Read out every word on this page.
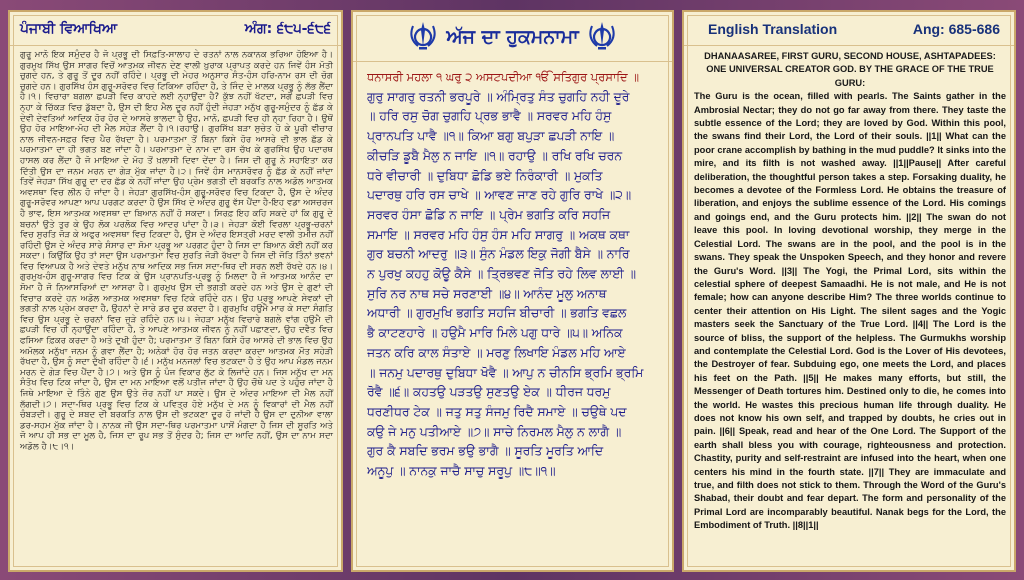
ਪੰਜਾਬੀ ਵਿਆਖਿਆ	ਅੰਗ: ੬੮੫-੬੮੬
ਗੁਰੂ ਮਾਨੋ ਇਕ ਸਮੁੰਦਰ ਹੈ ਜੋ ਪ੍ਰਭੂ ਦੀ ਸਿਫ਼ਤਿ-ਸਾਲਾਹ ਦੇ ਰਤਨਾਂ ਨਾਲ ਨਕਾਨਕ ਭਰਿਆ ਹੋਇਆ ਹੈ। ਗੁਰਮੁਖ ਸਿੱਖ ਉਸ ਸਾਗਰ ਵਿਚੋਂ ਆਤਮਕ ਜੀਵਨ ਦੇਣ ਵਾਲੀ ਖ਼ੁਰਾਕ ਪ੍ਰਾਪਤ ਕਰਦੇ ਹਨ ਜਿਵੇਂ ਹੰਸ ਮੋਤੀ ਚੁਗਦੇ ਹਨ, ਤੇ ਗੁਰੂ ਤੋਂ ਦੂਰ ਨਹੀਂ ਰਹਿੰਦੇ। ਪ੍ਰਭੂ ਦੀ ਮੇਹਰ ਅਨੁਸਾਰ ਸੰਤ-ਹੰਸ ਹਰਿ-ਨਾਮ ਰਸ ਦੀ ਚੋਗ ਚੁਗਦੇ ਹਨ। ਗੁਰਸਿੱਖ ਹੰਸ ਗੁਰੂ-ਸਰੋਵਰ ਵਿਚ ਟਿਕਿਆ ਰਹਿੰਦਾ ਹੈ, ਤੇ ਜਿੰਦ ਦੇ ਮਾਲਕ ਪ੍ਰਭੂ ਨੂੰ ਲੱਭ ਲੈਂਦਾ ਹੈ।੧। ਵਿਚਾਰਾ ਬਗਲਾ ਛਪੜੀ ਵਿਚ ਕਾਹਦੇ ਲਈ ਨ੍ਹਾਉਂਦਾ ਹੈ? ਕੁੱਝ ਨਹੀਂ ਖੱਟਦਾ, ਸਗੋਂ ਛਪੜੀ ਵਿਚ ਨ੍ਹਾ ਕੇ ਚਿੱਕੜ ਵਿਚ ਡੁੱਬਦਾ ਹੈ, ਉਸ ਦੀ ਇਹ ਮੈਲ ਦੂਰ ਨਹੀਂ ਹੁੰਦੀ ਜੇਹੜਾ ਮਨੁੱਖ ਗੁਰੂ-ਸਮੁੰਦਰ ਨੂੰ ਛੱਡ ਕੇ ਦੇਵੀ ਦੇਵਤਿਆਂ ਆਦਿਕ ਹੋਰ ਹੋਰ ਦੇ ਆਸਰੇ ਭਾਲਦਾ ਹੈ ਉਹ, ਮਾਨੋ, ਛਪੜੀ ਵਿਚ ਹੀ ਨ੍ਹਾ ਰਿਹਾ ਹੈ। ਉਥੋਂ ਉਹ ਹੋਰ ਮਾਇਆ-ਮੋਹ ਦੀ ਮੈਲ ਸਹੇੜ ਲੈਂਦਾ ਹੈ।੧।ਰਹਾਉ। ਗੁਰਸਿੱਖ ਬੜਾ ਸੁਚੇਤ ਹੋ ਕੇ ਪੂਰੀ ਵੀਚਾਰ ਨਾਲ ਜੀਵਨ-ਸਫ਼ਰ ਵਿਚ ਪੈਰ ਰੱਖਦਾ ਹੈ। ਪਰਮਾਤਮਾ ਤੋਂ ਬਿਨਾ ਕਿਸੇ ਹੋਰ ਆਸਰੇ ਦੀ ਭਾਲ ਛੱਡ ਕੇ ਪਰਮਾਤਮਾ ਦਾ ਹੀ ਭਗਤ ਬਣ ਜਾਂਦਾ ਹੈ। ਪਰਮਾਤਮਾ ਦੇ ਨਾਮ ਦਾ ਰਸ ਚੱਖ ਕੇ ਗੁਰਸਿੱਖ ਉਹ ਪਦਾਰਥ ਹਾਸਲ ਕਰ ਲੈਂਦਾ ਹੈ ਜੋ ਮਾਇਆ ਦੇ ਮੋਹ ਤੋਂ ਖ਼ਲਾਸੀ ਦਿਵਾ ਦੇਂਦਾ ਹੈ। ਜਿਸ ਦੀ ਗੁਰੂ ਨੇ ਸਹਾਇਤਾ ਕਰ ਦਿੱਤੀ ਉਸ ਦਾ ਜਨਮ ਮਰਨ ਦਾ ਗੇੜ ਮੁੱਕ ਜਾਂਦਾ ਹੈ।੨। ਜਿਵੇਂ ਹੰਸ ਮਾਨਸਰੋਵਰ ਨੂੰ ਛੱਡ ਕੇ ਨਹੀਂ ਜਾਂਦਾ ਤਿਵੇਂ ਜੇਹੜਾ ਸਿੱਖ ਗੁਰੂ ਦਾ ਦਰ ਛੱਡ ਕੇ ਨਹੀਂ ਜਾਂਦਾ ਉਹ ਪ੍ਰੇਮ ਭਗਤੀ ਦੀ ਬਰਕਤਿ ਨਾਲ ਅਡੋਲ ਆਤਮਕ ਅਵਸਥਾ ਵਿਚ ਲੀਨ ਹੋ ਜਾਂਦਾ ਹੈ। ਜੇਹੜਾ ਗੁਰਸਿੱਖ-ਹੰਸ ਗੁਰੂ-ਸਰੋਵਰ ਵਿਚ ਟਿਕਦਾ ਹੈ, ਉਸ ਦੇ ਅੰਦਰ ਗੁਰੂ-ਸਰੋਵਰ ਆਪਣਾ ਆਪ ਪਰਗਟ ਕਰਦਾ ਹੈ ਉਸ ਸਿੱਖ ਦੇ ਅੰਦਰ ਗੁਰੂ ਵੱਸ ਪੈਂਦਾ ਹੈ-ਇਹ ਵਡਾ ਅਸਚਰਜ ਹੈ ਭਾਵ, ਇਸ ਆਤਮਕ ਅਵਸਥਾ ਦਾ ਬਿਆਨ ਨਹੀਂ ਹੋ ਸਕਦਾ। ਸਿਰਫ਼ ਇਹ ਕਹਿ ਸਕਦੇ ਹਾਂ ਕਿ ਗੁਰੂ ਦੇ ਬਚਨਾਂ ਉਤੇ ਤੁਰ ਕੇ ਉਹ ਲੋਕ ਪਰਲੋਕ ਵਿਚ ਆਦਰ ਪਾਂਦਾ ਹੈ।੩। ਜੇਹੜਾ ਕੋਈ ਵਿਰਲਾ ਪ੍ਰਭੂ-ਚਰਨਾਂ ਵਿਚ ਸੁਰਤਿ ਜੋੜ ਕੇ ਅਫੁਰ ਅਵਸਥਾ ਵਿਚ ਟਿਕਦਾ ਹੈ, ਉਸ ਦੇ ਅੰਦਰ ਇਸਤ੍ਰੀ ਮਰਦ ਵਾਲੀ ਤਮੀਜ਼ ਨਹੀਂ ਰਹਿੰਦੀ ਉਸ ਦੇ ਅੰਦਰ ਸਾਰੇ ਸੰਸਾਰ ਦਾ ਸੋਮਾ ਪ੍ਰਭੂ ਆ ਪਰਗਟ ਹੁੰਦਾ ਹੈ ਜਿਸ ਦਾ ਬਿਆਨ ਕੋਈ ਨਹੀਂ ਕਰ ਸਕਦਾ। ਕਿਉਂਕਿ ਉਹ ਤਾਂ ਸਦਾ ਉਸ ਪਰਮਾਤਮਾ ਵਿਚ ਸੁਰਤਿ ਜੋੜੀ ਰੱਖਦਾ ਹੈ ਜਿਸ ਦੀ ਜੋਤਿ ਤਿੰਨਾਂ ਭਵਨਾਂ ਵਿਚ ਵਿਆਪਕ ਹੈ ਅਤੇ ਦੇਵਤੇ ਮਨੁੱਖ ਨਾਥ ਆਦਿਕ ਸਭ ਜਿਸ ਸਦਾ-ਥਿਰ ਦੀ ਸਰਨ ਲਈ ਰੱਖਦੇ ਹਨ।੪। ਗੁਰਮੁਖ-ਹੰਸ ਗੁਰੂ-ਸਾਗਰ ਵਿਚ ਟਿਕ ਕੇ ਉਸ ਪ੍ਰਾਨਪਤਿ-ਪ੍ਰਭੂ ਨੂੰ ਮਿਲਦਾ ਹੈ ਜੋ ਆਤਮਕ ਆਨੰਦ ਦਾ ਸੋਮਾ ਹੈ ਜੋ ਨਿਆਸਰਿਆਂ ਦਾ ਆਸਰਾ ਹੈ। ਗੁਰਮੁਖ ਉਸ ਦੀ ਭਗਤੀ ਕਰਦੇ ਹਨ ਅਤੇ ਉਸ ਦੇ ਗੁਣਾਂ ਦੀ ਵਿਚਾਰ ਕਰਦੇ ਹਨ ਅਡੋਲ ਆਤਮਕ ਅਵਸਥਾ ਵਿਚ ਟਿਕੇ ਰਹਿੰਦੇ ਹਨ। ਉਹ ਪ੍ਰਭੂ ਆਪਣੇ ਸੇਵਕਾਂ ਦੀ ਭਗਤੀ ਨਾਲ ਪ੍ਰੇਮ ਕਰਦਾ ਹੈ, ਉਹਨਾਂ ਦੇ ਸਾਰੇ ਡਰ ਦੂਰ ਕਰਦਾ ਹੈ। ਗੁਰਮੁਖਿ ਹਉਮੈ ਮਾਰ ਕੇ ਸਦਾ ਸੰਗਤਿ ਵਿਚ ਉਸ ਪ੍ਰਭੂ ਦੇ ਚਰਨਾਂ ਵਿਚ ਜੁੜੇ ਰਹਿੰਦੇ ਹਨ।੫। ਜੇਹੜਾ ਮਨੁੱਖ ਵਿਚਾਰੇ ਬਗਲੇ ਵਾਂਗ ਹਉਮੈ ਦੀ ਛਪੜੀ ਵਿਚ ਹੀ ਨ੍ਹਾਉਂਦਾ ਰਹਿੰਦਾ ਹੈ, ਤੇ ਆਪਣੇ ਆਤਮਕ ਜੀਵਨ ਨੂੰ ਨਹੀਂ ਪਛਾਣਦਾ, ਉਹ ਦਵੈਤ ਵਿਚ ਫਸਿਆ ਫ਼ਿਕਰ ਕਰਦਾ ਹੈ ਅਤੇ ਦੁਖੀ ਹੁੰਦਾ ਹੈ; ਪਰਮਾਤਮਾ ਤੋਂ ਬਿਨਾ ਕਿਸੇ ਹੋਰ ਆਸਰੇ ਦੀ ਭਾਲ ਵਿਚ ਉਹ ਅਮੋਲਕ ਮਨੁੱਖਾ ਜਨਮ ਨੂੰ ਗਵਾ ਲੈਂਦਾ ਹੈ; ਅਨੇਕਾਂ ਹੋਰ ਹੋਰ ਜਤਨ ਕਰਦਾ ਕਰਦਾ ਆਤਮਕ ਮੌਤ ਸਹੇੜੀ ਰੱਖਦਾ ਹੈ, ਉਸ ਨੂੰ ਸਦਾ ਦੁੱਖੀ ਰਹਿੰਦਾ ਹੈ।੬। ਮਨੁੱਖ ਮਨਜਲਾਂ ਵਿਚ ਭਟਕਦਾ ਹੈ ਤੇ ਉਹ ਆਪ ਮੰਡਲ ਜਨਮ ਮਰਨ ਦੇ ਗੇੜ ਵਿਚ ਪੈਂਦਾ ਹੈ।੭। ਅਤੇ ਉਸ ਨੂੰ ਪੰਜ ਵਿਕਾਰ ਲੁੱਟ ਕੇ ਲਿਜਾਂਦੇ ਹਨ। ਜਿਸ ਮਨੁੱਖ ਦਾ ਮਨ ਸੰਤੋਖ ਵਿਚ ਟਿਕ ਜਾਂਦਾ ਹੈ, ਉਸ ਦਾ ਮਨ ਮਾਇਆ ਵਲੋਂ ਪਤੀਜ ਜਾਂਦਾ ਹੈ ਉਹ ਚੌਥੇ ਪਦ ਤੇ ਪਹੁੰਚ ਜਾਂਦਾ ਹੈ ਜਿਥੇ ਮਾਇਆ ਦੇ ਤਿੰਨੇ ਗੁਣ ਉਸ ਉਤੇ ਜ਼ੋਰ ਨਹੀਂ ਪਾ ਸਕਦੇ। ਉਸ ਦੇ ਅੰਦਰ ਮਾਇਆ ਦੀ ਮੈਲ ਨਹੀਂ ਲੱਗਦੀ।੭। ਸਦਾ-ਥਿਰ ਪ੍ਰਭੂ ਵਿਚ ਟਿਕ ਕੇ ਪਵਿਤ੍ਰ ਹੋਏ ਮਨੁੱਖ ਦੇ ਮਨ ਨੂੰ ਵਿਕਾਰਾਂ ਦੀ ਮੈਲ ਨਹੀਂ ਚੰਬੜਦੀ। ਗੁਰੂ ਦੇ ਸ਼ਬਦ ਦੀ ਬਰਕਤਿ ਨਾਲ ਉਸ ਦੀ ਭਟਕਣਾ ਦੂਰ ਹੋ ਜਾਂਦੀ ਹੈ ਉਸ ਦਾ ਦੁਨੀਆ ਵਾਲਾ ਡਰ-ਸਹਮ ਮੁੱਕ ਜਾਂਦਾ ਹੈ। ਨਾਨਕ ਜੀ ਉਸ ਸਦਾ-ਥਿਰ ਪਰਮਾਤਮਾ ਪਾਸੋਂ ਮੰਗਦਾ ਹੈ ਜਿਸ ਦੀ ਸੂਰਤਿ ਅਤੇ ਜੋ ਆਪ ਹੀ ਸਭ ਦਾ ਮੂਲ ਹੈ, ਜਿਸ ਦਾ ਰੂਪ ਸਭ ਤੋਂ ਸੁੰਦਰ ਹੈ; ਜਿਸ ਦਾ ਆਦਿ ਨਹੀਂ, ਉਸ ਦਾ ਨਾਮ ਸਦਾ ਅਡੋਲ ਹੈ।੮।੧।
ਅੱਜ ਦਾ ਹੁਕਮਨਾਮਾ
ਧਨਾਸਰੀ ਮਹਲਾ ੧ ਘਰੁ ੨ ਅਸਟਪਦੀਆ ੴ ਸਤਿਗੁਰ ਪ੍ਰਸਾਦਿ ॥
ਗੁਰੁ ਸਾਗਰੁ ਰਤਨੀ ਭਰਪੂਰੇ ॥ ਅੰਮ੍ਰਿਤੁ ਸੰਤ ਚੁਗਹਿ ਨਹੀ ਦੂਰੇ
॥ ਹਰਿ ਰਸੁ ਚੋਗ ਚੁਗਹਿ ਪ੍ਰਭ ਭਾਵੈ ॥ ਸਰਵਰ ਮਹਿ ਹੰਸੁ
ਪ੍ਰਾਨਪਤਿ ਪਾਵੈ ॥੧॥ ਕਿਆ ਬਗੁ ਬਪੁੜਾ ਛਪੜੀ ਨਾਇ ॥
ਕੀਚੜਿ ਡੂਬੈ ਮੈਲੁ ਨ ਜਾਇ ॥੧॥ ਰਹਾਉ ॥ ਰਖਿ ਰਖਿ ਚਰਨ
ਧਰੇ ਵੀਚਾਰੀ ॥ ਦੁਬਿਧਾ ਛੋਡਿ ਭਏ ਨਿਰੰਕਾਰੀ ॥ ਮੁਕਤਿ
ਪਦਾਰਥੁ ਹਰਿ ਰਸ ਚਾਖੇ ॥ ਆਵਣ ਜਾਣ ਰਹੇ ਗੁਰਿ ਰਾਖੇ ॥੨॥
ਸਰਵਰ ਹੰਸਾ ਛੋਡਿ ਨ ਜਾਇ ॥ ਪ੍ਰੇਮ ਭਗਤਿ ਕਰਿ ਸਹਜਿ
ਸਮਾਇ ॥ ਸਰਵਰ ਮਹਿ ਹੰਸੁ ਹੰਸ ਮਹਿ ਸਾਗਰੁ ॥ ਅਕਥ ਕਥਾ
ਗੁਰ ਬਚਨੀ ਆਦਰੁ ॥੩॥ ਸੁੰਨ ਮੰਡਲ ਇਕੁ ਜੋਗੀ ਬੈਸੇ ॥ ਨਾਰਿ
ਨ ਪੁਰਖੁ ਕਹਹੁ ਕੋਊ ਕੈਸੇ ॥ ਤ੍ਰਿਭਵਣ ਜੋਤਿ ਰਹੇ ਲਿਵ ਲਾਈ ॥
ਸੁਰਿ ਨਰ ਨਾਥ ਸਚੇ ਸਰਣਾਈ ॥੪॥ ਆਨੰਦ ਮੂਲੁ ਅਨਾਥ
ਅਧਾਰੀ ॥ ਗੁਰਮੁਖਿ ਭਗਤਿ ਸਹਜਿ ਬੀਚਾਰੀ ॥ ਭਗਤਿ ਵਛਲ
ਭੈ ਕਾਟਣਹਾਰੇ ॥ ਹਉਮੈ ਮਾਰਿ ਮਿਲੇ ਪਗੁ ਧਾਰੇ ॥੫॥ ਅਨਿਕ
ਜਤਨ ਕਰਿ ਕਾਲ ਸੰਤਾਏ ॥ ਮਰਣੁ ਲਿਖਾਇ ਮੰਡਲ ਮਹਿ ਆਏ
॥ ਜਨਮੁ ਪਦਾਰਥੁ ਦੁਬਿਧਾ ਖੋਵੈ ॥ ਆਪੁ ਨ ਚੀਨਸਿ ਭ੍ਰਮਿ ਭ੍ਰਮਿ
ਰੋਵੈ ॥੬॥ ਕਹਤਉ ਪੜਤਉ ਸੁਣਤਉ ਏਕ ॥ ਧੀਰਜ ਧਰਮੁ
ਧਰਣੀਧਰ ਟੇਕ ॥ ਜਤੁ ਸਤੁ ਸੰਜਮੁ ਰਿਦੈ ਸਮਾਏ ॥ ਚਉਥੇ ਪਦ
ਕਉ ਜੇ ਮਨੁ ਪਤੀਆਏ ॥੭॥ ਸਾਚੇ ਨਿਰਮਲ ਮੈਲੁ ਨ ਲਾਗੈ ॥
ਗੁਰ ਕੈ ਸਬਦਿ ਭਰਮ ਭਉ ਭਾਗੈ ॥ ਸੂਰਤਿ ਮੂਰਤਿ ਆਦਿ
ਅਨੂਪੁ ॥ ਨਾਨਕੁ ਜਾਚੈ ਸਾਚੁ ਸਰੂਪੁ ॥੮॥੧॥
English Translation	Ang: 685-686
DHANAASAREE, FIRST GURU, SECOND HOUSE, ASHTAPADEES: ONE UNIVERSAL CREATOR GOD. BY THE GRACE OF THE TRUE GURU:
The Guru is the ocean, filled with pearls. The Saints gather in the Ambrosial Nectar; they do not go far away from there. They taste the subtle essence of the Lord; they are loved by God. Within this pool, the swans find their Lord, the Lord of their souls. ||1|| What can the poor crane accomplish by bathing in the mud puddle? It sinks into the mire, and its filth is not washed away. ||1||Pause|| After careful deliberation, the thoughtful person takes a step. Forsaking duality, he becomes a devotee of the Formless Lord. He obtains the treasure of liberation, and enjoys the sublime essence of the Lord. His comings and goings end, and the Guru protects him. ||2|| The swan do not leave this pool. In loving devotional worship, they merge in the Celestial Lord. The swans are in the pool, and the pool is in the swans. They speak the Unspoken Speech, and they honor and revere the Guru's Word. ||3|| The Yogi, the Primal Lord, sits within the celestial sphere of deepest Samaadhi. He is not male, and He is not female; how can anyone describe Him? The three worlds continue to center their attention on His Light. The silent sages and the Yogic masters seek the Sanctuary of the True Lord. ||4|| The Lord is the source of bliss, the support of the helpless. The Gurmukhs worship and contemplate the Celestial Lord. God is the Lover of His devotees, the Destroyer of fear. Subduing ego, one meets the Lord, and places his feet on the Path. ||5|| He makes many efforts, but still, the Messenger of Death tortures him. Destined only to die, he comes into the world. He wastes this precious human life through duality. He does not know his own self, and trapped by doubts, he cries out in pain. ||6|| Speak, read and hear of the One Lord. The Support of the earth shall bless you with courage, righteousness and protection. Chastity, purity and self-restraint are infused into the heart, when one centers his mind in the fourth state. ||7|| They are immaculate and true, and filth does not stick to them. Through the Word of the Guru's Shabad, their doubt and fear depart. The form and personality of the Primal Lord are incomparably beautiful. Nanak begs for the Lord, the Embodiment of Truth. ||8||1||
